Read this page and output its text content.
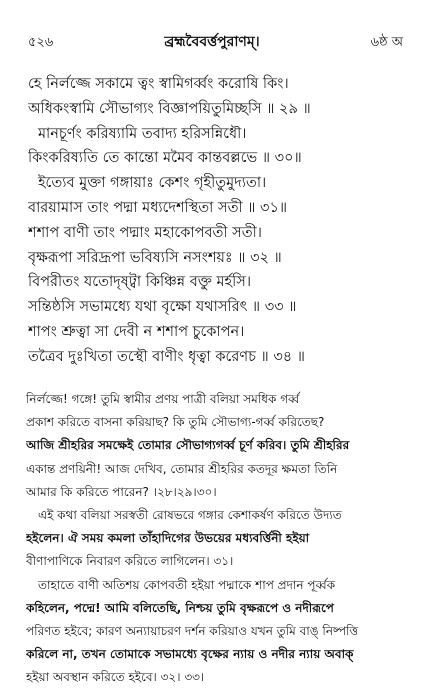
৫২৬	ব্রহ্মবৈবর্ত্তপুরাণম্‌।	৬ষ্ঠ অ
হে নির্লজ্জে সকামে ত্বং স্বামিগর্ব্বং করোষি কিং।
অধিকংস্বামি সৌভাগ্যং বিজ্ঞাপয়িতুমিচ্ছসি ॥ ২৯ ॥
মানচূর্ণং করিষ্যামি তবাদ্য হরিসন্নিধৌ।
কিংকরিষ্যতি তে কান্তো মমৈব কান্তবল্লভে ॥ ৩০॥
ইত্যেব মুক্তা গঙ্গায়াঃ কেশং গৃহীতুমুদ্যতা।
বারয়ামাস তাং পদ্মা মধ্যদেশস্থিতা সতী ॥ ৩১॥
শশাপ বাণী তাং পদ্মাং মহাকোপবতী সতী।
বৃক্ষরূপা সরিদ্রূপা ভবিষ্যসি নসংশয়ঃ ॥ ৩২ ॥
বিপরীতং যতোদৃষ্ট্বা কিঞ্চিন্ন বক্তু মর্হসি।
সন্তিষ্ঠসি সভামধ্যে যথা বৃক্ষো যথাসরিৎ ॥ ৩৩ ॥
শাপং শ্রুত্বা সা দেবী ন শশাপ চুকোপন।
তত্রৈব দুঃখিতা তস্থৌ বাণীং ধৃত্বা করেণচ ॥ ৩৪ ॥
নির্লজ্জে! গঙ্গে! তুমি স্বামীর প্রণয় পাত্রী বলিয়া সমধিক গর্ব্ব
প্রকাশ করিতে বাসনা করিয়াছ? কি তুমি সৌভাগ্য-গর্ব্ব করিতেছ?
আজি শ্রীহরির সমক্ষেই তোমার সৌভাগ্যগর্ব্ব চূর্ণ করিব। তুমি শ্রীহরির
একান্ত প্রণয়িনী! আজ দেখিব, তোমার শ্রীহরির কতদূর ক্ষমতা তিনি
আমার কি করিতে পারেন? ।২৮।২৯।৩০।
এই কথা বলিয়া সরস্বতী রোষভরে গঙ্গার কেশাকর্ষণ করিতে উদ্যত
হইলেন। ঐ সময় কমলা তাঁহাদিগের উভয়ের মধ্যবর্ত্তিনী হইয়া
বীণাপাণিকে নিবারণ করিতে লাগিলেন। ৩১।
তাহাতে বাণী অতিশয় কোপবতী হইয়া পদ্মাকে শাপ প্রদান পূর্ব্বক
কহিলেন, পদ্মে! আমি বলিতেছি, নিশ্চয় তুমি বৃক্ষরূপে ও নদীরূপে
পরিণত হইবে; কারণ অন্যায়াচরণ দর্শন করিয়াও যখন তুমি বাঙ্‌ নিষ্পত্তি
করিলে না, তখন তোমাকে সভামধ্যে বৃক্ষের ন্যায় ও নদীর ন্যায় অবাক্‌
হইয়া অবস্থান করিতে হইবে। ৩২। ৩৩।
